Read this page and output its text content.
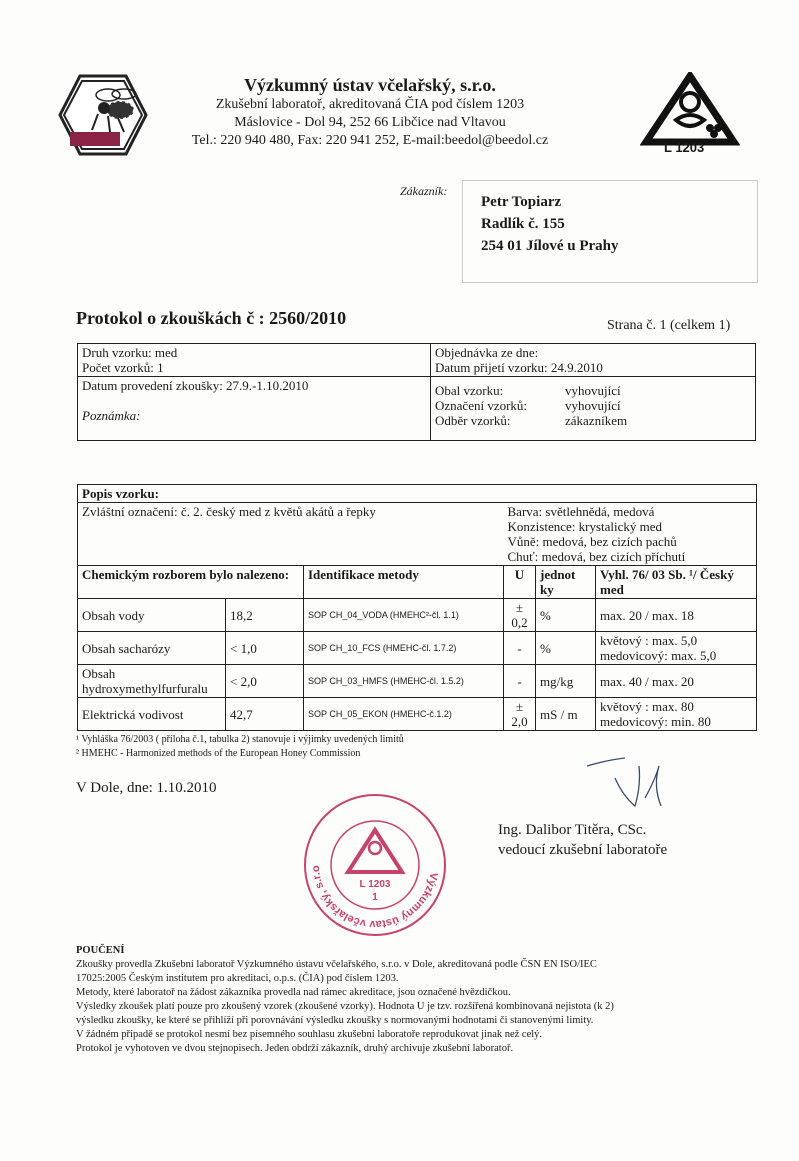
Výzkumný ústav včelařský, s.r.o.
Zkušební laboratoř, akreditovaná ČIA pod číslem 1203
Máslovice - Dol 94, 252 66 Libčice nad Vltavou
Tel.: 220 940 480, Fax: 220 941 252, E-mail:beedol@beedol.cz	L 1203
Zákazník:
Petr Topiarz
Radlík č. 155
254 01 Jílové u Prahy
Protokol o zkouškách č : 2560/2010	Strana č. 1 (celkem 1)
Druh vzorku: med
Počet vzorků: 1	Objednávka ze dne:
Datum přijetí vzorku: 24.9.2010

Datum provedení zkoušky: 27.9.-1.10.2010
Poznámka:

Obal vzorku:	vyhovující
Označení vzorků:	vyhovující
Odběr vzorků:	zákazníkem
Popis vzorku:					
Zvláštní označení: č. 2. český med z květů akátů a řepky			Barva: světlehnědá, medová
Konzistence: krystalický med
Vůně: medová, bez cizích pachů
Chuť: medová, bez cizích příchutí		

Chemickým rozborem bylo nalezeno:		Identifikace metody	U	jednot ky	Vyhl. 76/ 03 Sb. ¹/ Český med
Obsah vody	18,2	SOP CH_04_VODA (HMEHC²-čl. 1.1)	± 0,2	%	max. 20 / max. 18

Obsah sacharózy	< 1,0	SOP CH_10_FCS (HMEHC-čl. 1.7.2)	-	%	květový : max. 5,0
medovicový: max. 5,0

Obsah hydroxymethylfurfuralu	< 2,0	SOP CH_03_HMFS (HMEHC-čl. 1.5.2)	-	mg/kg	max. 40 / max. 20

Elektrická vodivost	42,7	SOP CH_05_EKON (HMEHC-č.1.2)	± 2,0	mS / m	květový : max. 80
medovicový: min. 80
¹ Vyhláška 76/2003 ( příloha č.1, tabulka 2) stanovuje i výjimky uvedených limitů
² HMEHC - Harmonized methods of the European Honey Commission
V Dole, dne: 1.10.2010
Ing. Dalibor Titěra, CSc.
vedoucí zkušební laboratoře
Výzkumný ústav včelařský, s.r.o
L 1203
1
POUČENÍ
Zkoušky provedla Zkušební laboratoř Výzkumného ústavu včelařského, s.r.o. v Dole, akreditovaná podle ČSN EN ISO/IEC
17025:2005 Českým institutem pro akreditaci, o.p.s. (ČIA) pod číslem 1203.
Metody, které laboratoř na žádost zákazníka provedla nad rámec akreditace, jsou označené hvězdičkou.
Výsledky zkoušek platí pouze pro zkoušený vzorek (zkoušené vzorky). Hodnota U je tzv. rozšířená kombinovaná nejistota (k 2)
výsledku zkoušky, ke které se přihlíží při porovnávání výsledku zkoušky s normovanými hodnotami či stanovenými limity.
V žádném případě se protokol nesmí bez písemného souhlasu zkušební laboratoře reprodukovat jinak než celý.
Protokol je vyhotoven ve dvou stejnopisech. Jeden obdrží zákazník, druhý archivuje zkušební laboratoř.
